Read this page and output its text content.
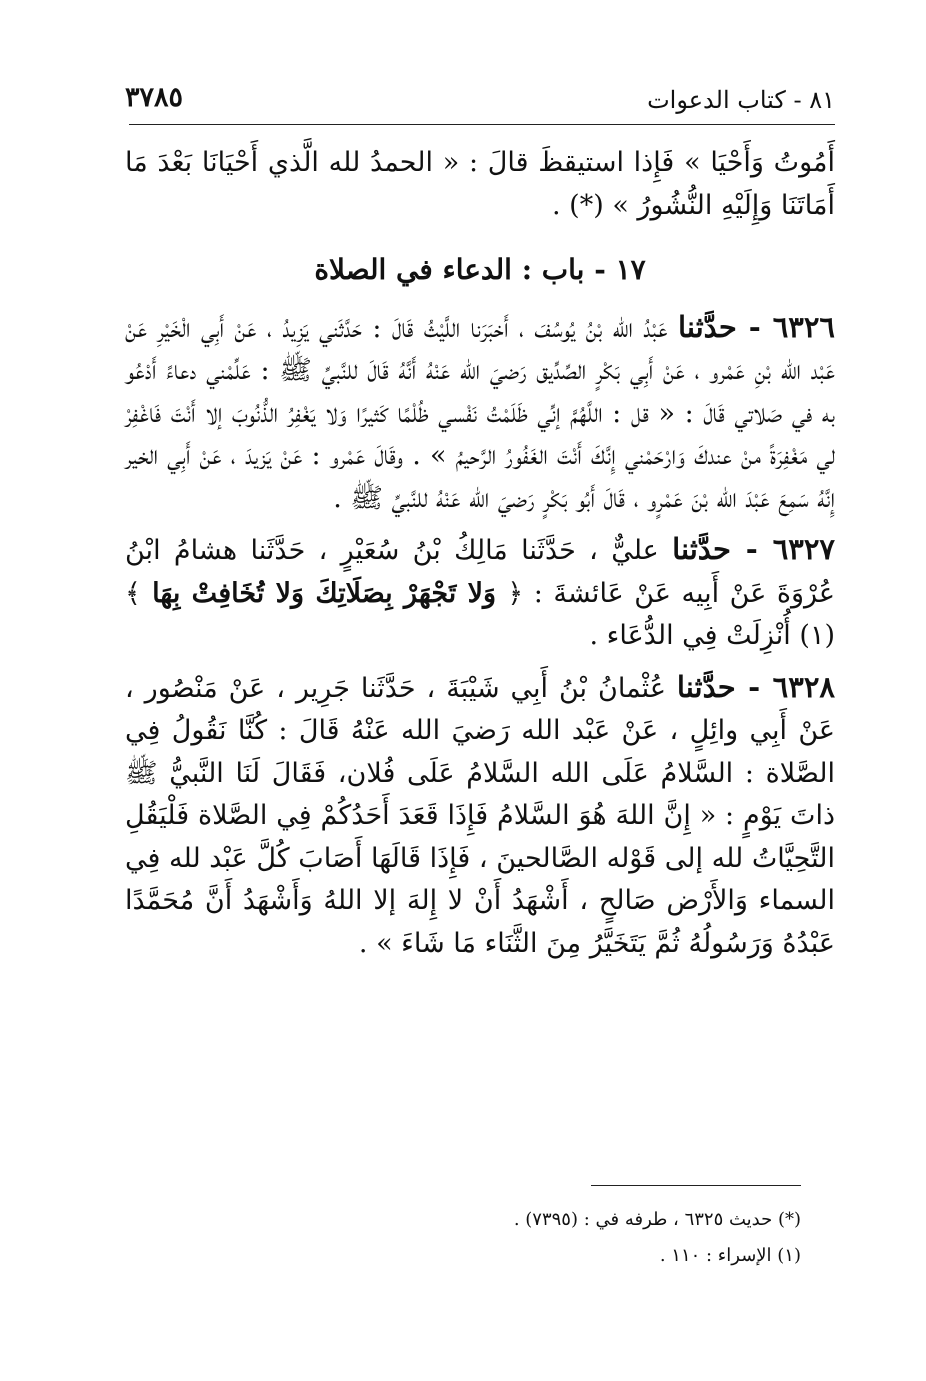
٣٧٨٥	٨١ - كتاب الدعوات

أَمُوتُ وَأَحْيَا » فَإِذا استيقظَ قالَ : « الحمدُ لله الَّذي أَحْيَانَا بَعْدَ مَا أَمَاتَنَا وَإِلَيْهِ النُّشُورُ » (*) .

١٧ - باب : الدعاء في الصلاة

٦٣٢٦ - حدَّثنا عَبْدُ الله بْنُ يُوسُفَ ، أَخبَرَنا اللَّيْثُ قَالَ : حَدَّثَني يَزِيدُ ، عَنْ أَبِي الْخَيْرِ عَنْ عَبْد الله بْنِ عَمْرو ، عَنْ أَبِي بَكْرٍ الصِّدِّيق رَضيَ الله عَنْهُ أَنَّهُ قَالَ للنَّبيِّ ﷺ : عَلِّمْني دعاءً أَدْعُو به في صَلاتي قَالَ : « قل : اللَّهُمَّ إنِّي ظَلَمْتُ نَفْسي ظُلْمًا كَثيرًا وَلا يَغْفِرُ الذُّنُوبَ إلا أَنْتَ فَاغْفِرْ لي مَغْفِرَةً منْ عندكَ وَارْحَمْني إِنَّكَ أَنْتَ الغَفُورُ الرَّحيمُ » . وقَالَ عَمْرو : عَنْ يَزيدَ ، عَنْ أَبِي الخير إِنَّهُ سَمِعَ عَبْدَ الله بْنَ عَمْرٍو ، قَالَ أَبُو بَكْرٍ رَضيَ الله عَنْهُ للنَّبيِّ ﷺ .

٦٣٢٧ - حدَّثنا عليٌّ ، حَدَّثَنا مَالِكُ بْنُ سُعَيْرٍ ، حَدَّثَنا هشامُ ابْنُ عُرْوَةَ عَنْ أَبِيه عَنْ عَائشةَ : ﴿ وَلا تَجْهَرْ بِصَلَاتِكَ وَلا تُخَافِتْ بِهَا ﴾ (١) أُنْزِلَتْ فِي الدُّعَاء .

٦٣٢٨ - حدَّثنا عُثْمانُ بْنُ أَبِي شَيْبَةَ ، حَدَّثَنا جَرِير ، عَنْ مَنْصُور ، عَنْ أَبِي وائِلٍ ، عَنْ عَبْد الله رَضيَ الله عَنْهُ قَالَ : كُنَّا نَقُولُ فِي الصَّلاة : السَّلامُ عَلَى الله السَّلامُ عَلَى فُلان، فَقَالَ لَنَا النَّبيُّ ﷺ ذاتَ يَوْمٍ : « إِنَّ اللهَ هُوَ السَّلامُ فَإِذَا قَعَدَ أَحَدُكُمْ فِي الصَّلاة فَلْيَقُلِ التَّحِيَّاتُ لله إلى قَوْله الصَّالحينَ ، فَإِذَا قَالَهَا أَصَابَ كُلَّ عَبْد لله فِي السماء وَالأَرْض صَالحٍ ، أَشْهَدُ أَنْ لا إِلهَ إلا اللهُ وَأَشْهَدُ أَنَّ مُحَمَّدًا عَبْدُهُ وَرَسُولُهُ ثُمَّ يَتَخَيَّرُ مِنَ الثَّنَاء مَا شَاءَ » .

(*) حديث ٦٣٢٥ ، طرفه في : (٧٣٩٥) .
(١) الإسراء : ١١٠ .
